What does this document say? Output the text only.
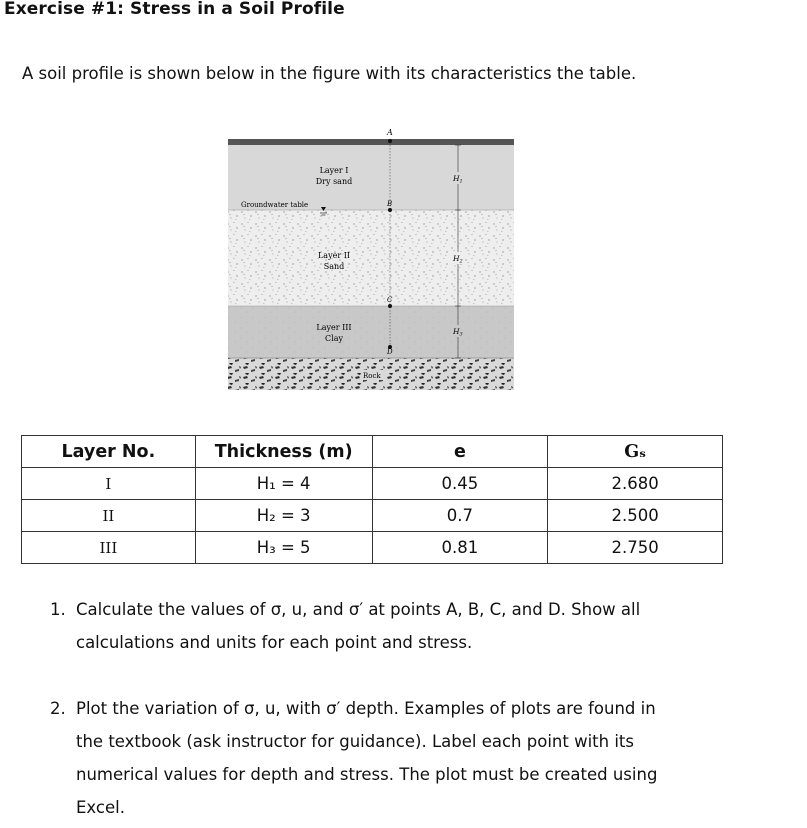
Exercise #1: Stress in a Soil Profile
A soil profile is shown below in the figure with its characteristics the table.
A
B
C
D
$H_1$
$H_2$
$H_3$
Layer I
Dry sand
Layer II
Sand
Layer III
Clay
Groundwater table
Rock
Layer No.	Thickness (m)	e	Gₛ
I	H₁ = 4	0.45	2.680
II	H₂ = 3	0.7	2.500
III	H₃ = 5	0.81	2.750
1. Calculate the values of σ, u, and σ′ at points A, B, C, and D. Show all
calculations and units for each point and stress.
2. Plot the variation of σ, u, with σ′ depth. Examples of plots are found in
the textbook (ask instructor for guidance). Label each point with its
numerical values for depth and stress. The plot must be created using
Excel.
